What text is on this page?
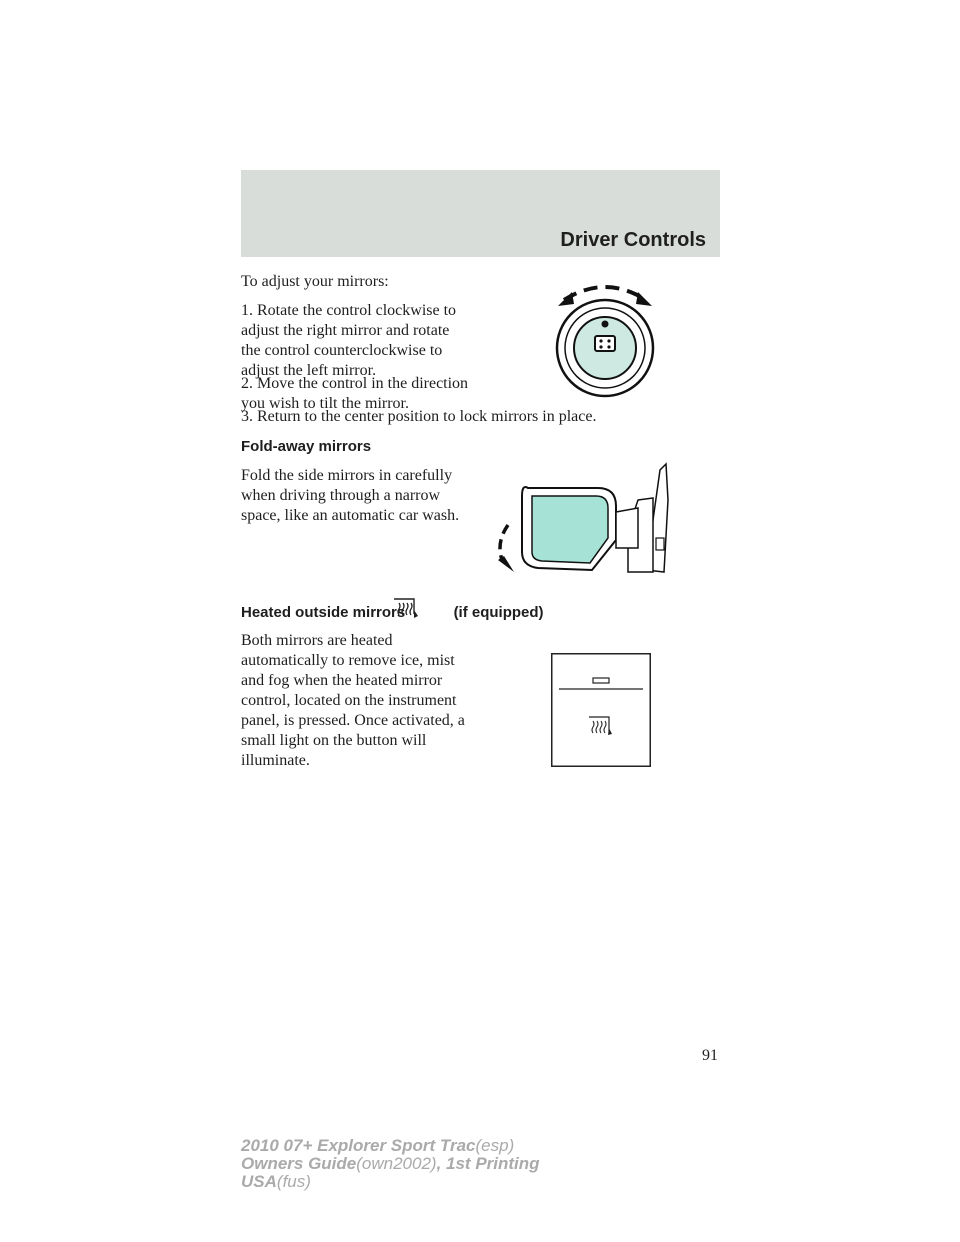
Driver Controls

To adjust your mirrors:

1. Rotate the control clockwise to
adjust the right mirror and rotate
the control counterclockwise to
adjust the left mirror.
2. Move the control in the direction
you wish to tilt the mirror.

3. Return to the center position to lock mirrors in place.

Fold-away mirrors
Fold the side mirrors in carefully
when driving through a narrow
space, like an automatic car wash.
Heated outside mirrors	(if equipped)
Both mirrors are heated
automatically to remove ice, mist
and fog when the heated mirror
control, located on the instrument
panel, is pressed. Once activated, a
small light on the button will
illuminate.
91
2010 07+ Explorer Sport Trac(esp)
Owners Guide(own2002), 1st Printing
USA(fus)
